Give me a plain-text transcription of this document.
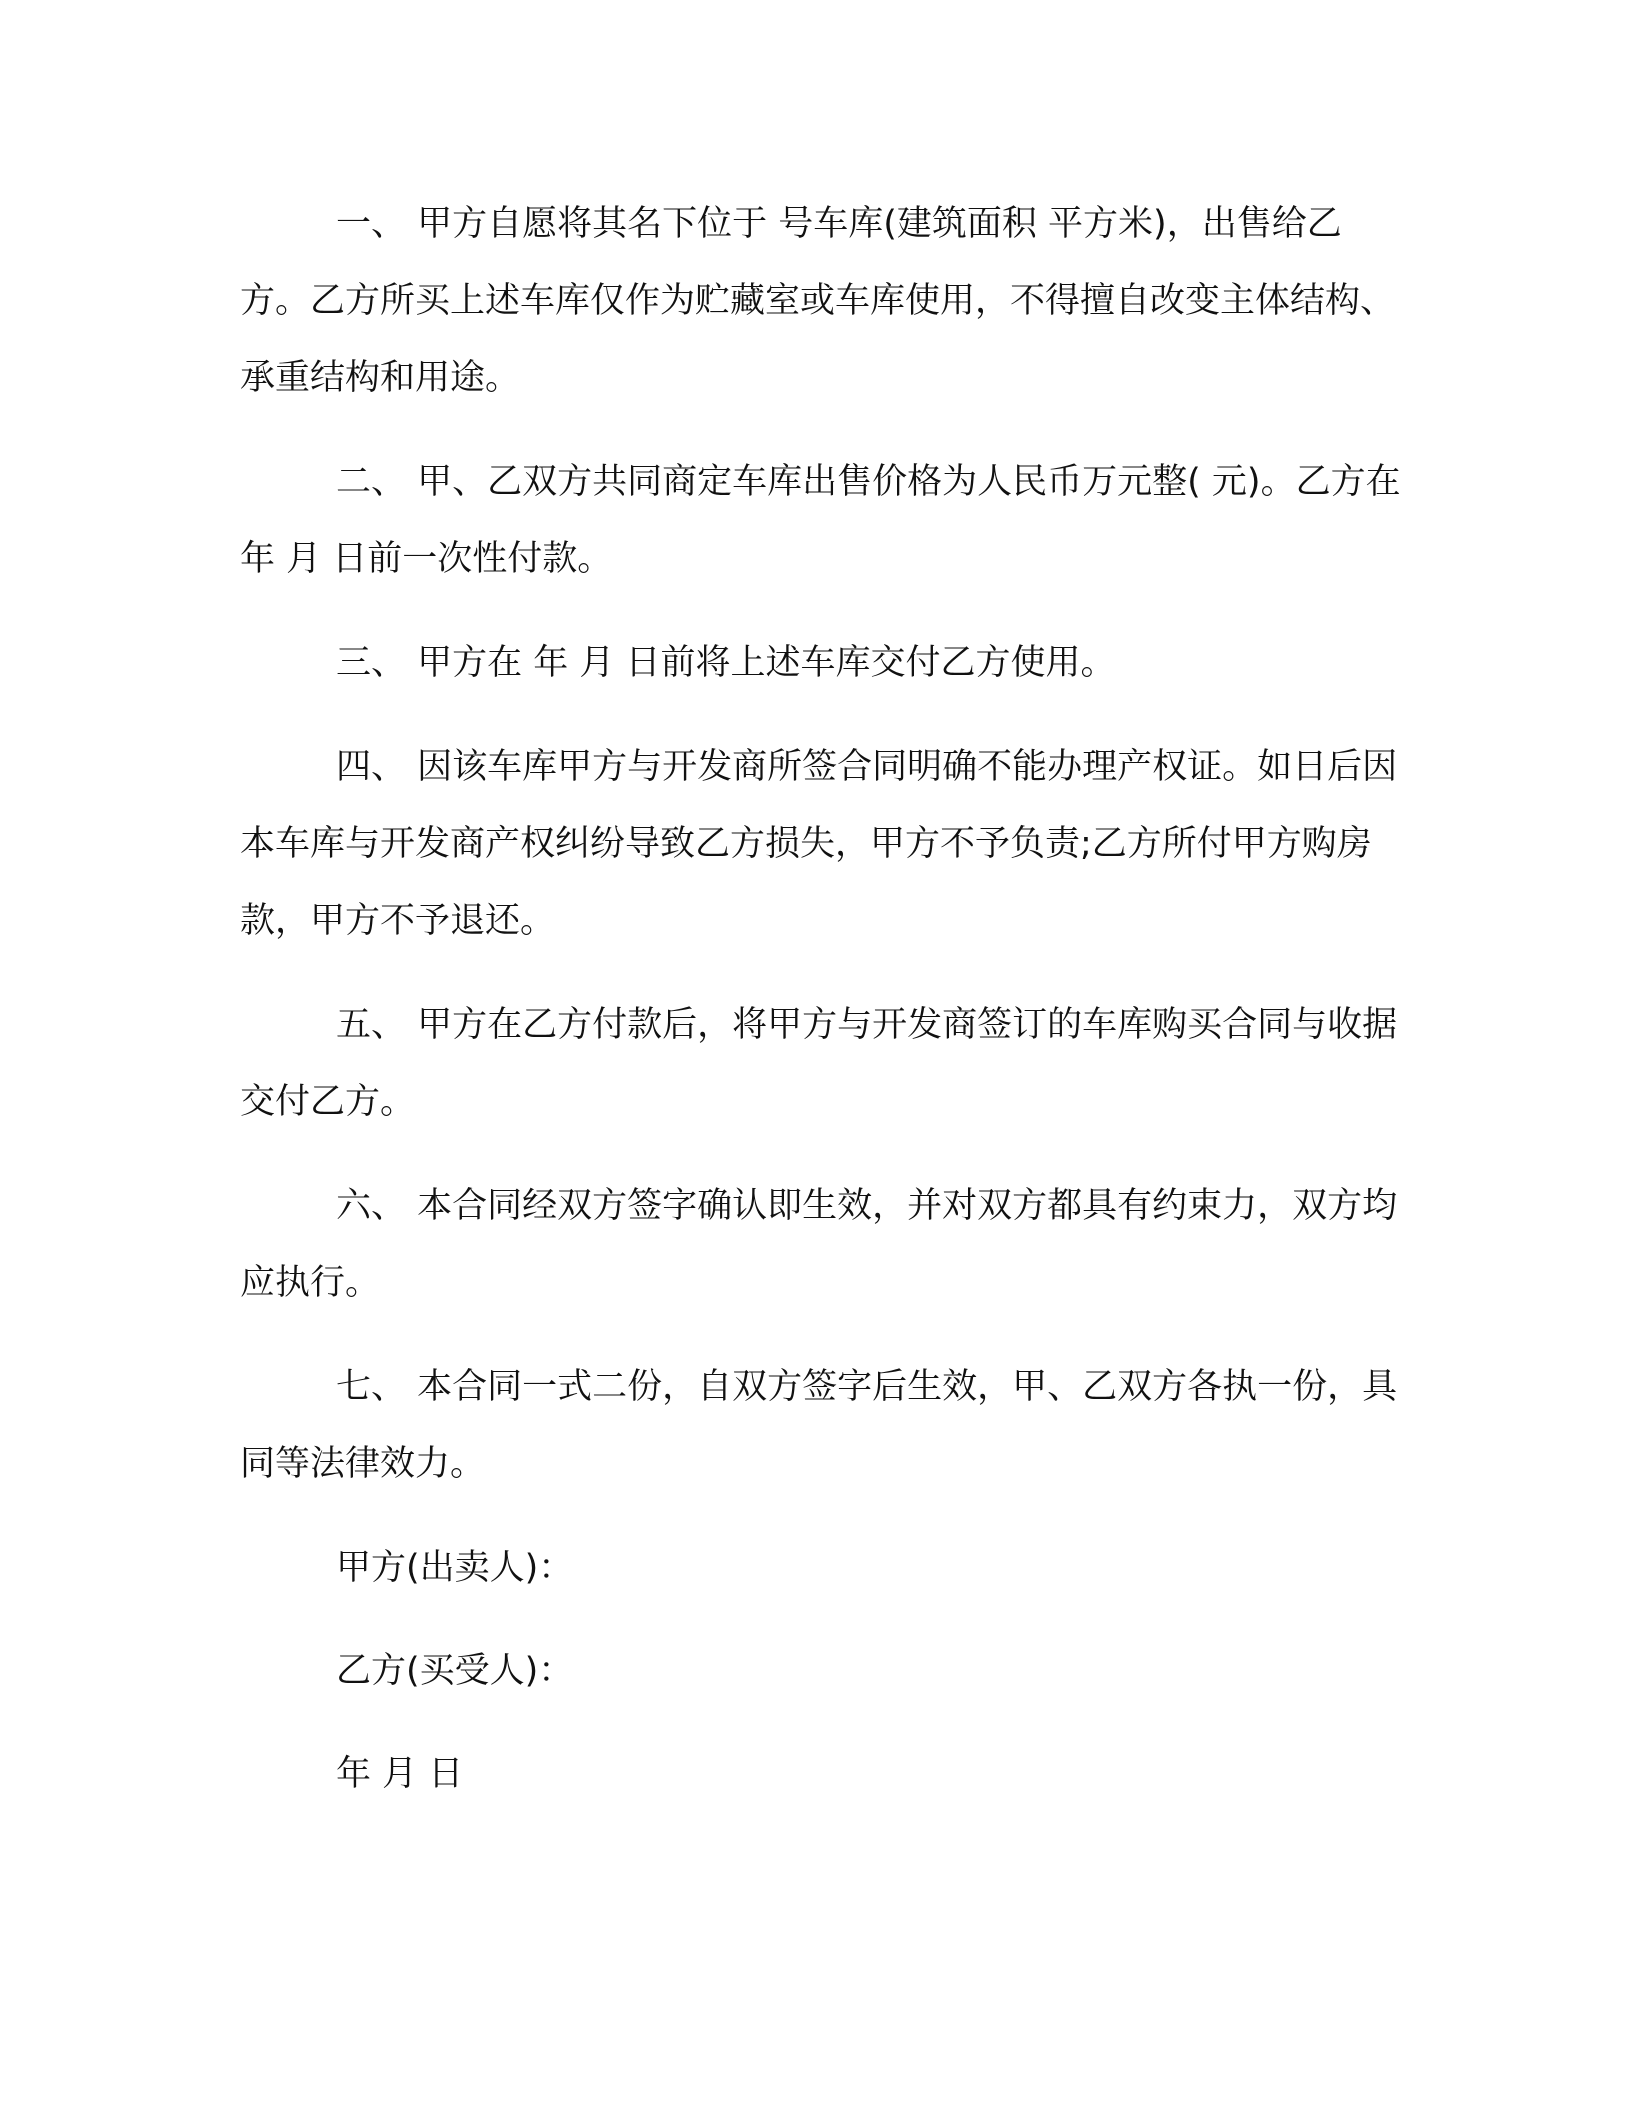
一、 甲方自愿将其名下位于 号车库(建筑面积 平方米)，出售给乙方。乙方所买上述车库仅作为贮藏室或车库使用，不得擅自改变主体结构、承重结构和用途。

二、 甲、乙双方共同商定车库出售价格为人民币万元整( 元)。乙方在年 月 日前一次性付款。

三、 甲方在 年 月 日前将上述车库交付乙方使用。

四、 因该车库甲方与开发商所签合同明确不能办理产权证。如日后因本车库与开发商产权纠纷导致乙方损失，甲方不予负责;乙方所付甲方购房款，甲方不予退还。

五、 甲方在乙方付款后，将甲方与开发商签订的车库购买合同与收据交付乙方。

六、 本合同经双方签字确认即生效，并对双方都具有约束力，双方均应执行。

七、 本合同一式二份，自双方签字后生效，甲、乙双方各执一份，具同等法律效力。

甲方(出卖人)：

乙方(买受人)：

年 月 日
